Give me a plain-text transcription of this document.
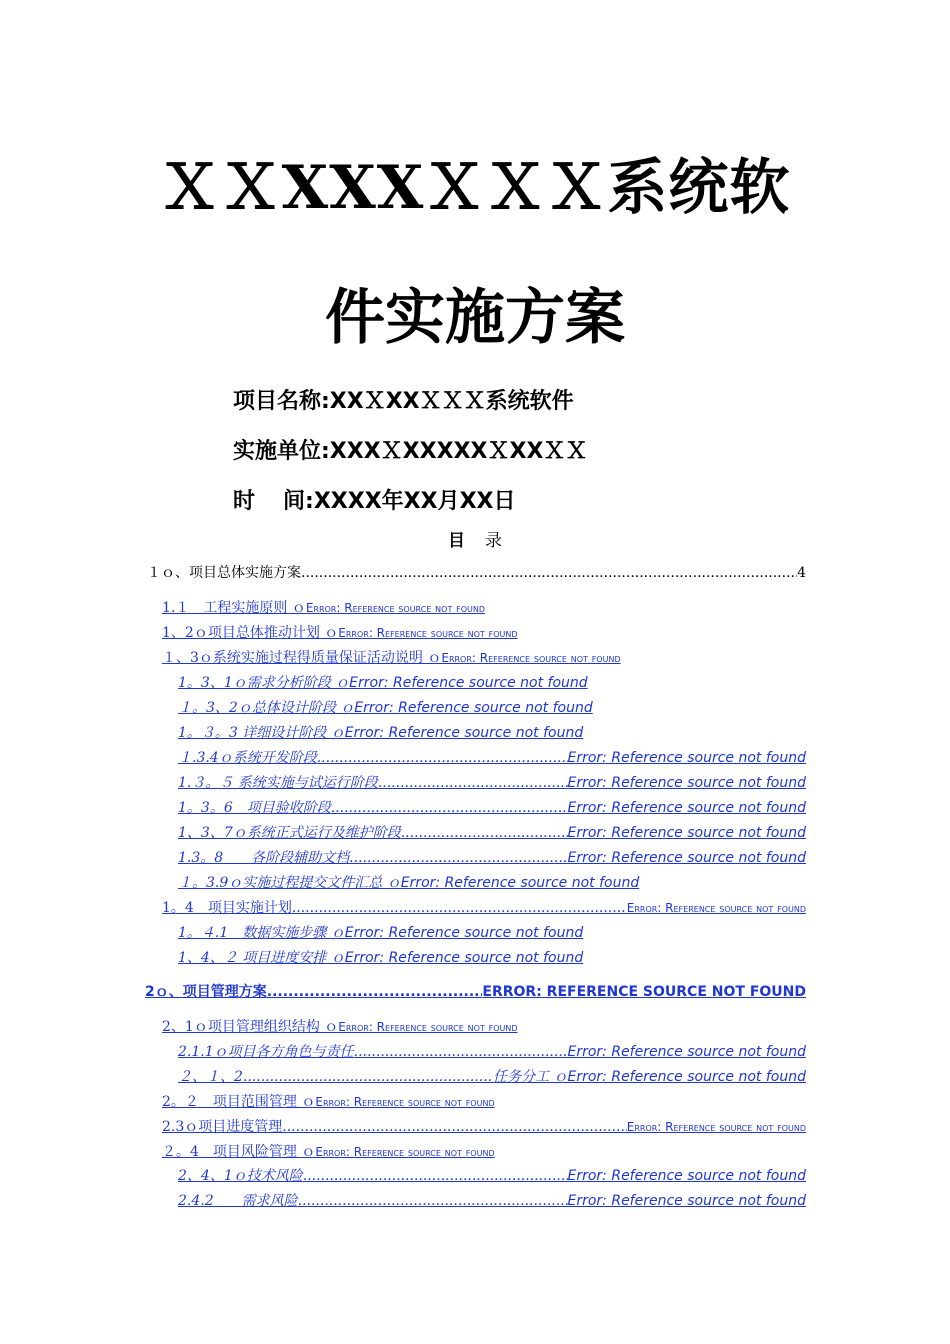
ＸＸXXXＸＸＸ系统软
件实施方案
项目名称:XXＸXXＸＸＸ系统软件
实施单位:XXXＸXXXXXＸXXＸＸ
时 间:XXXX年XX月XX日
目 录
１ｏ、项目总体实施方案 .....	4
1.１　工程实施原则 ｏ Error: Reference source not found
1、2ｏ项目总体推动计划 ｏ Error: Reference source not found
１、3ｏ系统实施过程得质量保证活动说明 ｏ Error: Reference source not found
1。3、1ｏ需求分析阶段 ｏ Error: Reference source not found
１。3、2ｏ总体设计阶段 ｏ Error: Reference source not found
1。３。3 详细设计阶段 ｏ Error: Reference source not found
１.3.4ｏ系统开发阶段 .....	Error: Reference source not found
1.３。５ 系统实施与试运行阶段 .....	Error: Reference source not found
1。3。6　项目验收阶段 .....	Error: Reference source not found
1、3、7ｏ系统正式运行及维护阶段 .....	Error: Reference source not found
1.3。8　　各阶段辅助文档 .....	Error: Reference source not found
１。3.9ｏ实施过程提交文件汇总 ｏ Error: Reference source not found
1。4　项目实施计划 .....	Error: Reference source not found
1。４.1　数据实施步骤 ｏ Error: Reference source not found
1、4、２ 项目进度安排 ｏ Error: Reference source not found
2ｏ、项目管理方案 .....	ERROR: REFERENCE SOURCE NOT FOUND
2、1ｏ项目管理组织结构 ｏ Error: Reference source not found
2.1.1ｏ项目各方角色与责任 .....	Error: Reference source not found
２、１、2. .....	任务分工 ｏ Error: Reference source not found
2。２　项目范围管理 ｏ Error: Reference source not found
2.3ｏ项目进度管理 .....	Error: Reference source not found
２。4　项目风险管理 ｏ Error: Reference source not found
2、4、1ｏ技术风险 .....	Error: Reference source not found
2.4.2　　需求风险 .....	Error: Reference source not found
